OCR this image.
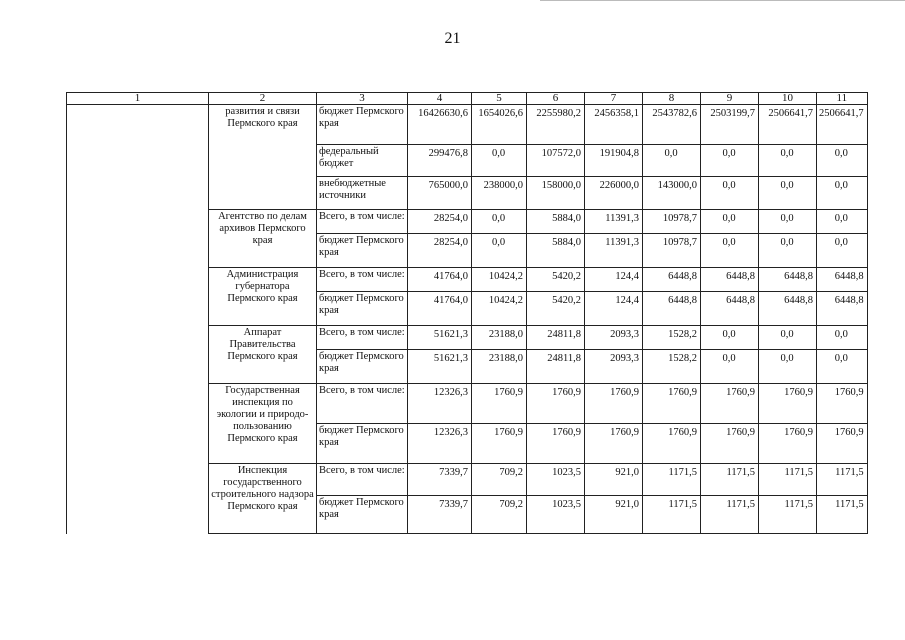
21
1	2	3	4	5	6	7	8	9	10	11
	развития и связи Пермского края	бюджет Пермского края	16426630,6	1654026,6	2255980,2	2456358,1	2543782,6	2503199,7	2506641,7	2506641,7
		федеральный бюджет	299476,8	0,0	107572,0	191904,8	0,0	0,0	0,0	0,0
		внебюджетные источники	765000,0	238000,0	158000,0	226000,0	143000,0	0,0	0,0	0,0
	Агентство по делам архивов Пермского края	Всего, в том числе:	28254,0	0,0	5884,0	11391,3	10978,7	0,0	0,0	0,0
		бюджет Пермского края	28254,0	0,0	5884,0	11391,3	10978,7	0,0	0,0	0,0
	Администрация губернатора Пермского края	Всего, в том числе:	41764,0	10424,2	5420,2	124,4	6448,8	6448,8	6448,8	6448,8
		бюджет Пермского края	41764,0	10424,2	5420,2	124,4	6448,8	6448,8	6448,8	6448,8
	Аппарат Правительства Пермского края	Всего, в том числе:	51621,3	23188,0	24811,8	2093,3	1528,2	0,0	0,0	0,0
		бюджет Пермского края	51621,3	23188,0	24811,8	2093,3	1528,2	0,0	0,0	0,0
	Государственная инспекция по экологии и природо-пользованию Пермского края	Всего, в том числе:	12326,3	1760,9	1760,9	1760,9	1760,9	1760,9	1760,9	1760,9
		бюджет Пермского края	12326,3	1760,9	1760,9	1760,9	1760,9	1760,9	1760,9	1760,9
	Инспекция государственного строительного надзора Пермского края	Всего, в том числе:	7339,7	709,2	1023,5	921,0	1171,5	1171,5	1171,5	1171,5
		бюджет Пермского края	7339,7	709,2	1023,5	921,0	1171,5	1171,5	1171,5	1171,5
